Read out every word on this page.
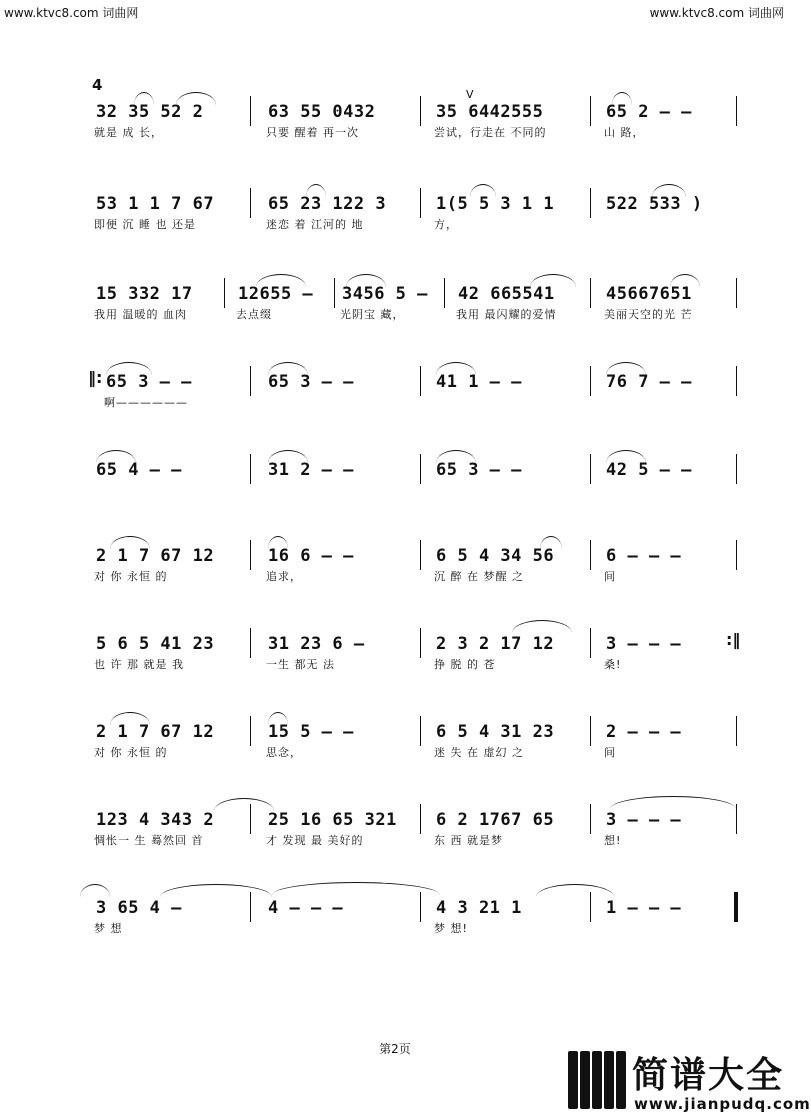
www.ktvc8.com 词曲网	www.ktvc8.com 词曲网
4
V
32 35 52 2
就是 成 长，
63 55 0432
只要 醒着 再一次
35 6442555
尝试，行走在 不同的
65 2 – –
山 路，
53 1 1 7 67
即便 沉 睡 也 还是
65 23 122 3
迷恋 着 江河的 地
1(5 5 3 1 1
方，
522 533 )
15 332 17
我用 温暖的 血肉
12655 –
去点缀
3456 5 –
光阴宝 藏，
42 665541
我用 最闪耀的爱情
45667651
美丽天空的光 芒
‖: 65 3 – –
啊——————
65 3 – –	41 1 – –	76 7 – –
65 4 – –	31 2 – –	65 3 – –	42 5 – –
2 1 7 67 12
对 你 永恒 的
16 6 – –
追求，
6 5 4 34 56
沉 醉 在 梦醒 之
6 – – –
间
5 6 5 41 23
也 许 那 就是 我
31 23 6 –
一生 都无 法
2 3 2 17 12
挣 脱 的 苍
3 – – –
桑!
:‖
2 1 7 67 12
对 你 永恒 的
15 5 – –
思念，
6 5 4 31 23
迷 失 在 虚幻 之
2 – – –
间
123 4 343 2
惆怅一 生 蓦然回 首
25 16 65 321
才 发现 最 美好的
6 2 1767 65
东 西 就是梦
3 – – –
想!
3 65 4 –
梦 想
4 – – –	4 3 21 1
梦 想!
1 – – –
第2页
简谱大全
www.jianpudq.com
